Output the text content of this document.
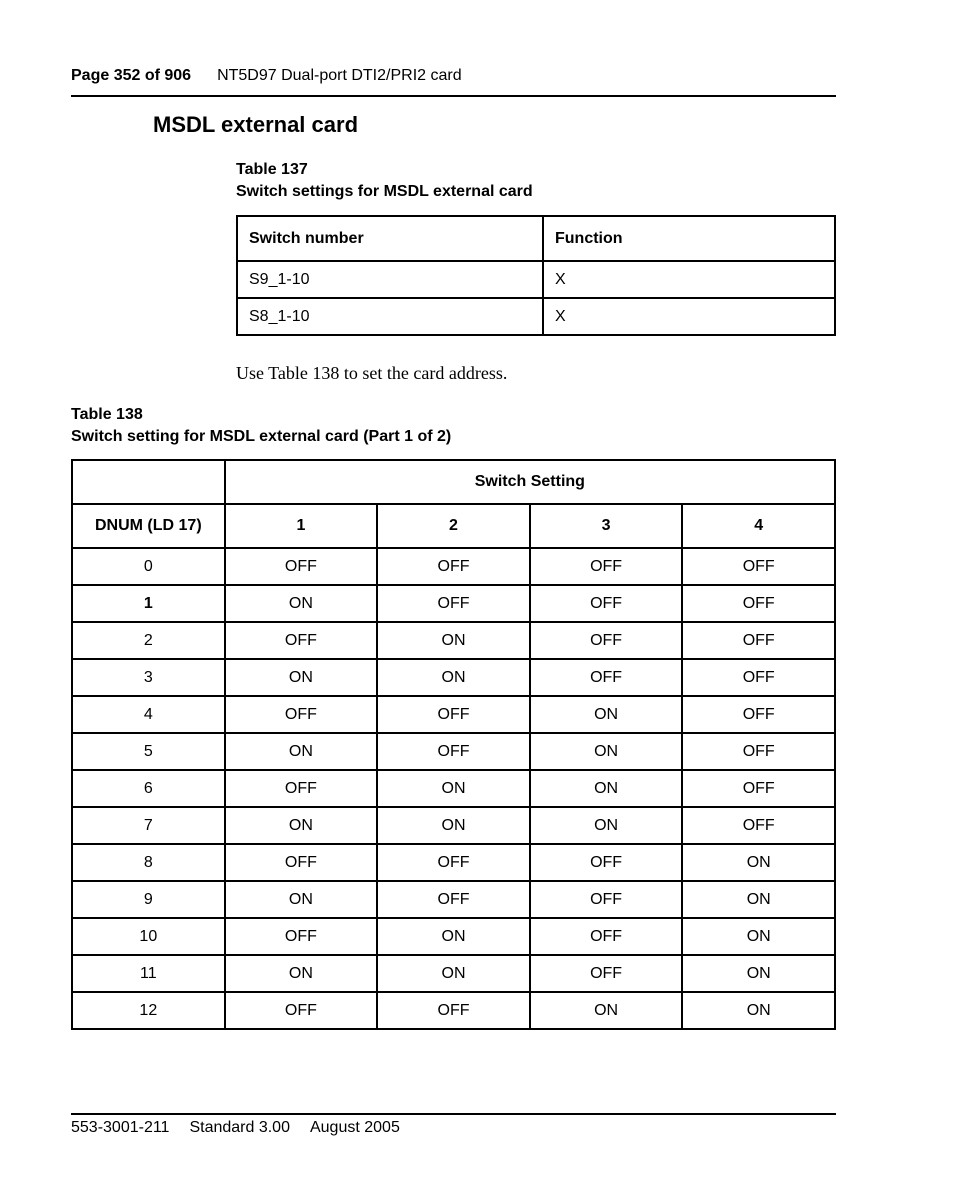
Page 352 of 906 NT5D97 Dual-port DTI2/PRI2 card
MSDL external card
Table 137
Switch settings for MSDL external card
Switch number	Function
S9_1-10	X
S8_1-10	X
Use Table 138 to set the card address.
Table 138
Switch setting for MSDL external card (Part 1 of 2)
	Switch Setting			
DNUM (LD 17)	1	2	3	4
0	OFF	OFF	OFF	OFF
1	ON	OFF	OFF	OFF
2	OFF	ON	OFF	OFF
3	ON	ON	OFF	OFF
4	OFF	OFF	ON	OFF
5	ON	OFF	ON	OFF
6	OFF	ON	ON	OFF
7	ON	ON	ON	OFF
8	OFF	OFF	OFF	ON
9	ON	OFF	OFF	ON
10	OFF	ON	OFF	ON
11	ON	ON	OFF	ON
12	OFF	OFF	ON	ON
553-3001-211 Standard 3.00 August 2005
